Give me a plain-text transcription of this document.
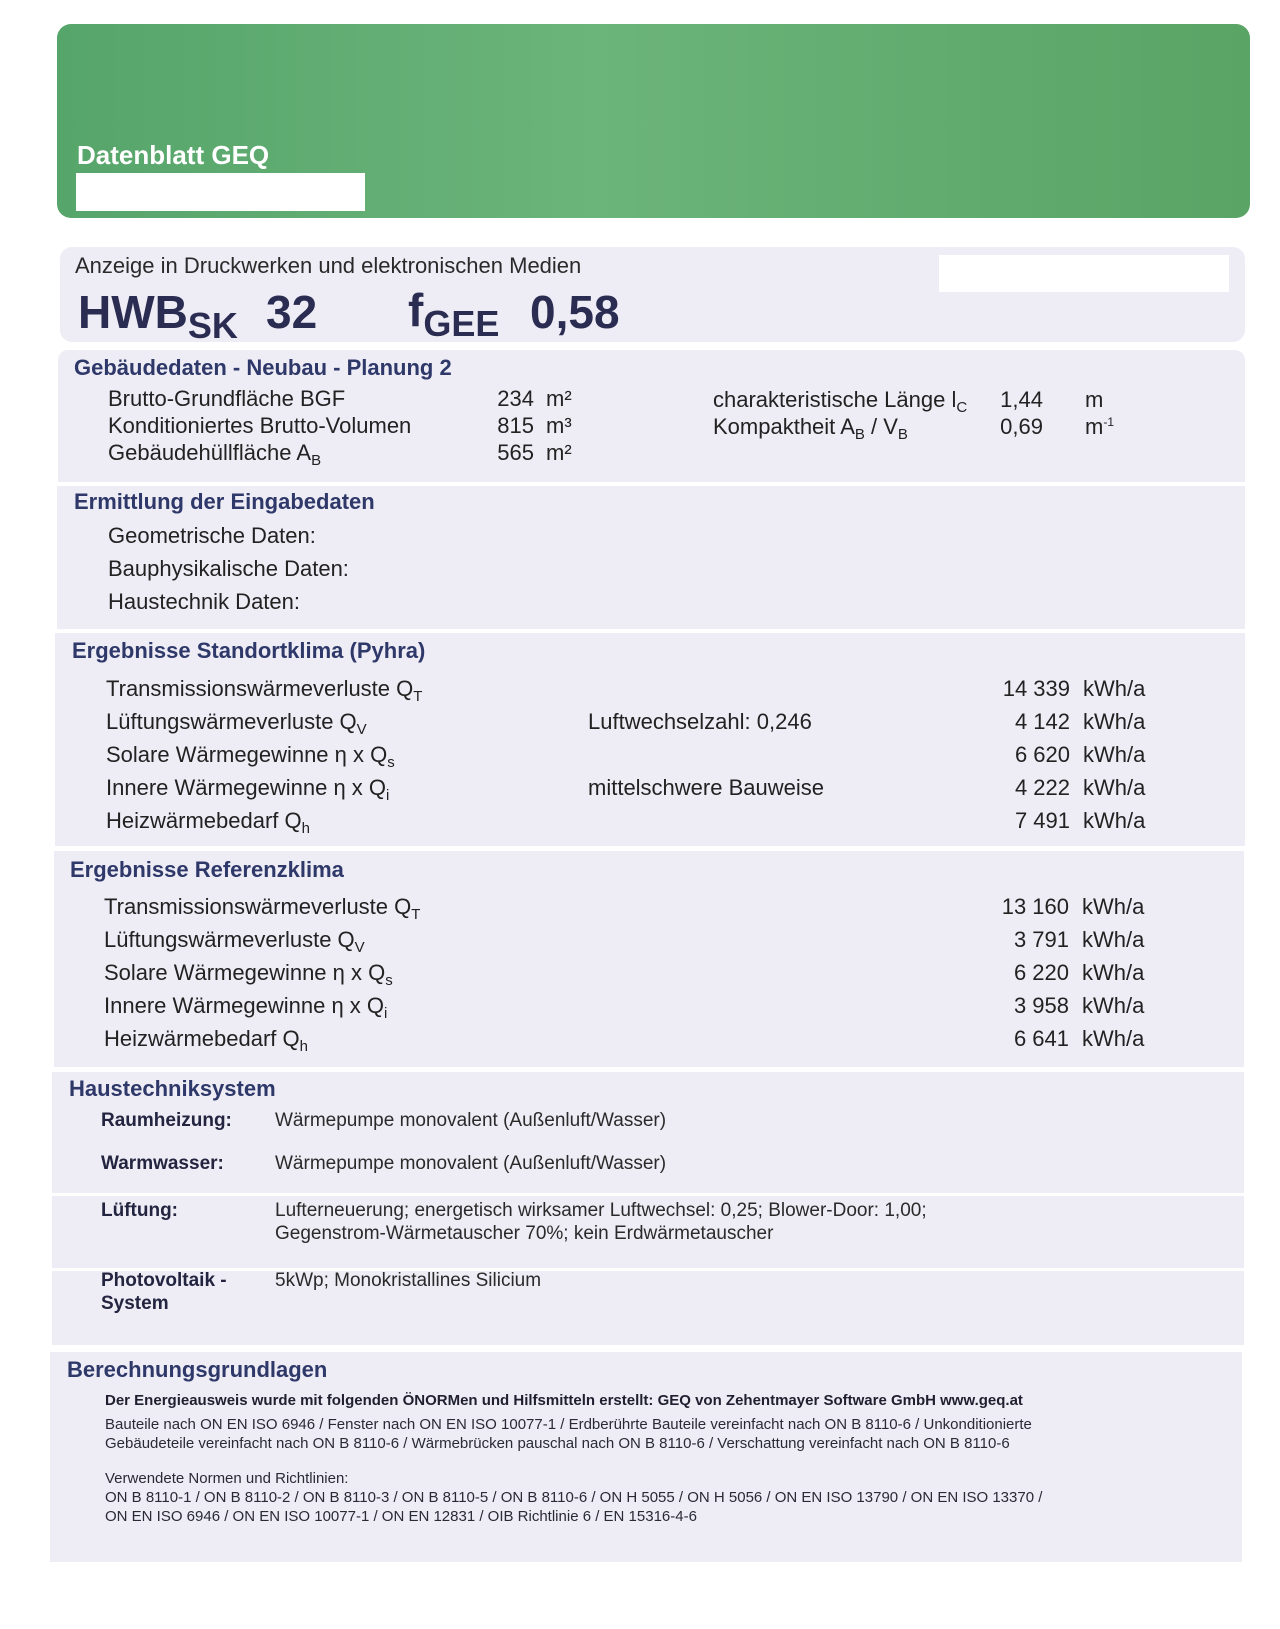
Datenblatt GEQ
Anzeige in Druckwerken und elektronischen Medien
$HWB_{SK}$ 32 $f_{GEE}$ 0,58
Gebäudedaten - Neubau - Planung 2
Brutto-Grundfläche BGF	234 m²
Konditioniertes Brutto-Volumen	815 m³
Gebäudehüllfläche $A_B$	565 m²
charakteristische Länge $l_C$	1,44 m
Kompaktheit $A_B / V_B$	0,69 $m^{-1}$
Ermittlung der Eingabedaten
Geometrische Daten:
Bauphysikalische Daten:
Haustechnik Daten:
Ergebnisse Standortklima (Pyhra)
Transmissionswärmeverluste $Q_T$	14 339 kWh/a
Lüftungswärmeverluste $Q_V$	Luftwechselzahl: 0,246	4 142 kWh/a
Solare Wärmegewinne η x $Q_s$	6 620 kWh/a
Innere Wärmegewinne η x $Q_i$	mittelschwere Bauweise	4 222 kWh/a
Heizwärmebedarf $Q_h$	7 491 kWh/a
Ergebnisse Referenzklima
Transmissionswärmeverluste $Q_T$	13 160 kWh/a
Lüftungswärmeverluste $Q_V$	3 791 kWh/a
Solare Wärmegewinne η x $Q_s$	6 220 kWh/a
Innere Wärmegewinne η x $Q_i$	3 958 kWh/a
Heizwärmebedarf $Q_h$	6 641 kWh/a
Haustechniksystem
Raumheizung: Wärmepumpe monovalent (Außenluft/Wasser)
Warmwasser:	Wärmepumpe monovalent (Außenluft/Wasser)
Lüftung:	Lufterneuerung; energetisch wirksamer Luftwechsel: 0,25; Blower-Door: 1,00;
Gegenstrom-Wärmetauscher 70%; kein Erdwärmetauscher
Photovoltaik -
System
5kWp; Monokristallines Silicium
Berechnungsgrundlagen
Der Energieausweis wurde mit folgenden ÖNORMen und Hilfsmitteln erstellt: GEQ von Zehentmayer Software GmbH www.geq.at
Bauteile nach ON EN ISO 6946 / Fenster nach ON EN ISO 10077-1 / Erdberührte Bauteile vereinfacht nach ON B 8110-6 / Unkonditionierte
Gebäudeteile vereinfacht nach ON B 8110-6 / Wärmebrücken pauschal nach ON B 8110-6 / Verschattung vereinfacht nach ON B 8110-6
Verwendete Normen und Richtlinien:
ON B 8110-1 / ON B 8110-2 / ON B 8110-3 / ON B 8110-5 / ON B 8110-6 / ON H 5055 / ON H 5056 / ON EN ISO 13790 / ON EN ISO 13370 /
ON EN ISO 6946 / ON EN ISO 10077-1 / ON EN 12831 / OIB Richtlinie 6 / EN 15316-4-6
